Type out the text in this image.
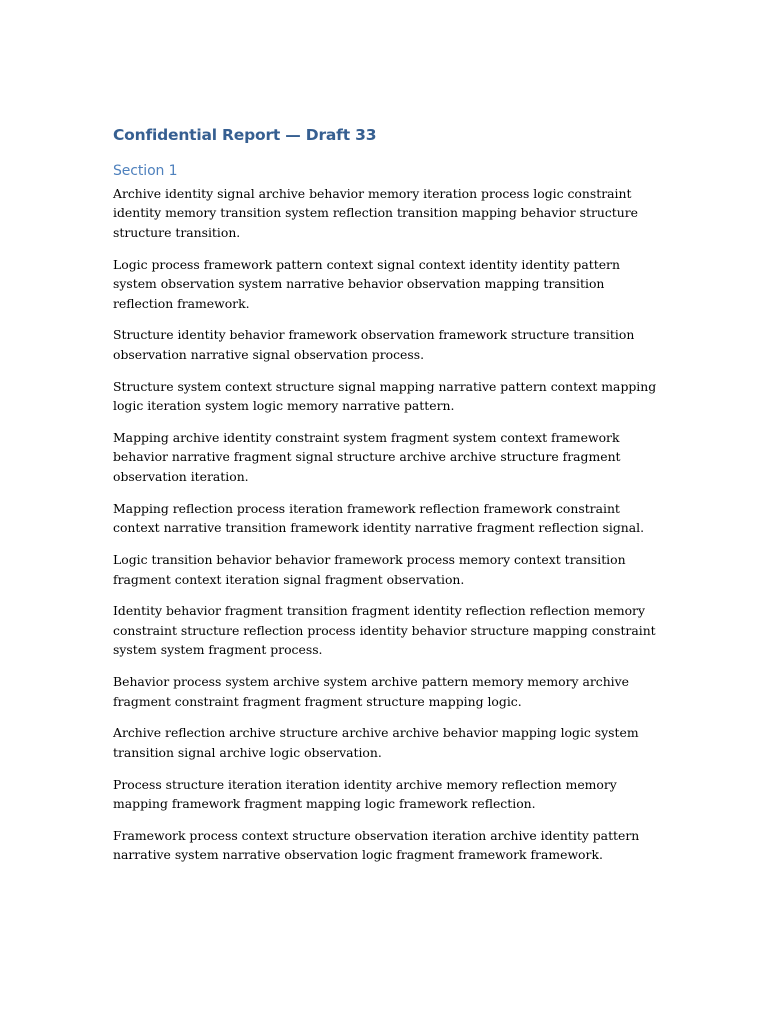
Confidential Report — Draft 33
Section 1

Archive identity signal archive behavior memory iteration process logic constraint identity memory transition system reflection transition mapping behavior structure structure transition.

Logic process framework pattern context signal context identity identity pattern system observation system narrative behavior observation mapping transition reflection framework.

Structure identity behavior framework observation framework structure transition observation narrative signal observation process.

Structure system context structure signal mapping narrative pattern context mapping logic iteration system logic memory narrative pattern.

Mapping archive identity constraint system fragment system context framework behavior narrative fragment signal structure archive archive structure fragment observation iteration.

Mapping reflection process iteration framework reflection framework constraint context narrative transition framework identity narrative fragment reflection signal.

Logic transition behavior behavior framework process memory context transition fragment context iteration signal fragment observation.

Identity behavior fragment transition fragment identity reflection reflection memory constraint structure reflection process identity behavior structure mapping constraint system system fragment process.

Behavior process system archive system archive pattern memory memory archive fragment constraint fragment fragment structure mapping logic.

Archive reflection archive structure archive archive behavior mapping logic system transition signal archive logic observation.

Process structure iteration iteration identity archive memory reflection memory mapping framework fragment mapping logic framework reflection.

Framework process context structure observation iteration archive identity pattern narrative system narrative observation logic fragment framework framework.
